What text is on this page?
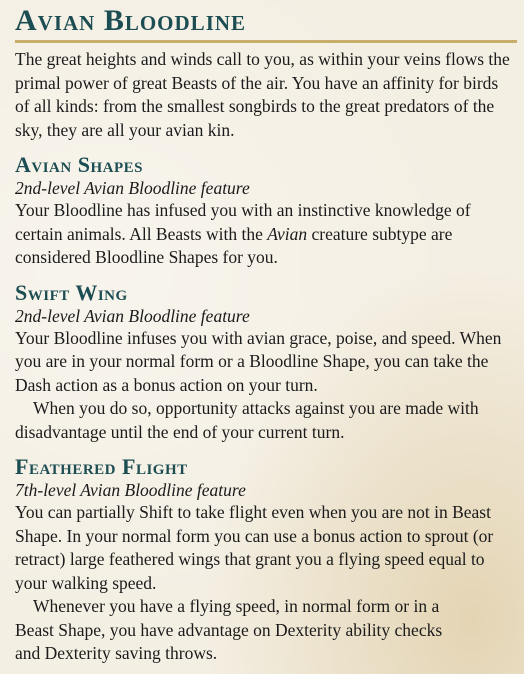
Avian Bloodline

The great heights and winds call to you, as within your veins flows the primal power of great Beasts of the air. You have an affinity for birds of all kinds: from the smallest songbirds to the great predators of the sky, they are all your avian kin.

Avian Shapes
2nd-level Avian Bloodline feature

Your Bloodline has infused you with an instinctive knowledge of certain animals. All Beasts with the Avian creature subtype are considered Bloodline Shapes for you.

Swift Wing
2nd-level Avian Bloodline feature

Your Bloodline infuses you with avian grace, poise, and speed. When you are in your normal form or a Bloodline Shape, you can take the Dash action as a bonus action on your turn.

When you do so, opportunity attacks against you are made with disadvantage until the end of your current turn.

Feathered Flight
7th-level Avian Bloodline feature

You can partially Shift to take flight even when you are not in Beast Shape. In your normal form you can use a bonus action to sprout (or retract) large feathered wings that grant you a flying speed equal to your walking speed.

Whenever you have a flying speed, in normal form or in a Beast Shape, you have advantage on Dexterity ability checks and Dexterity saving throws.
